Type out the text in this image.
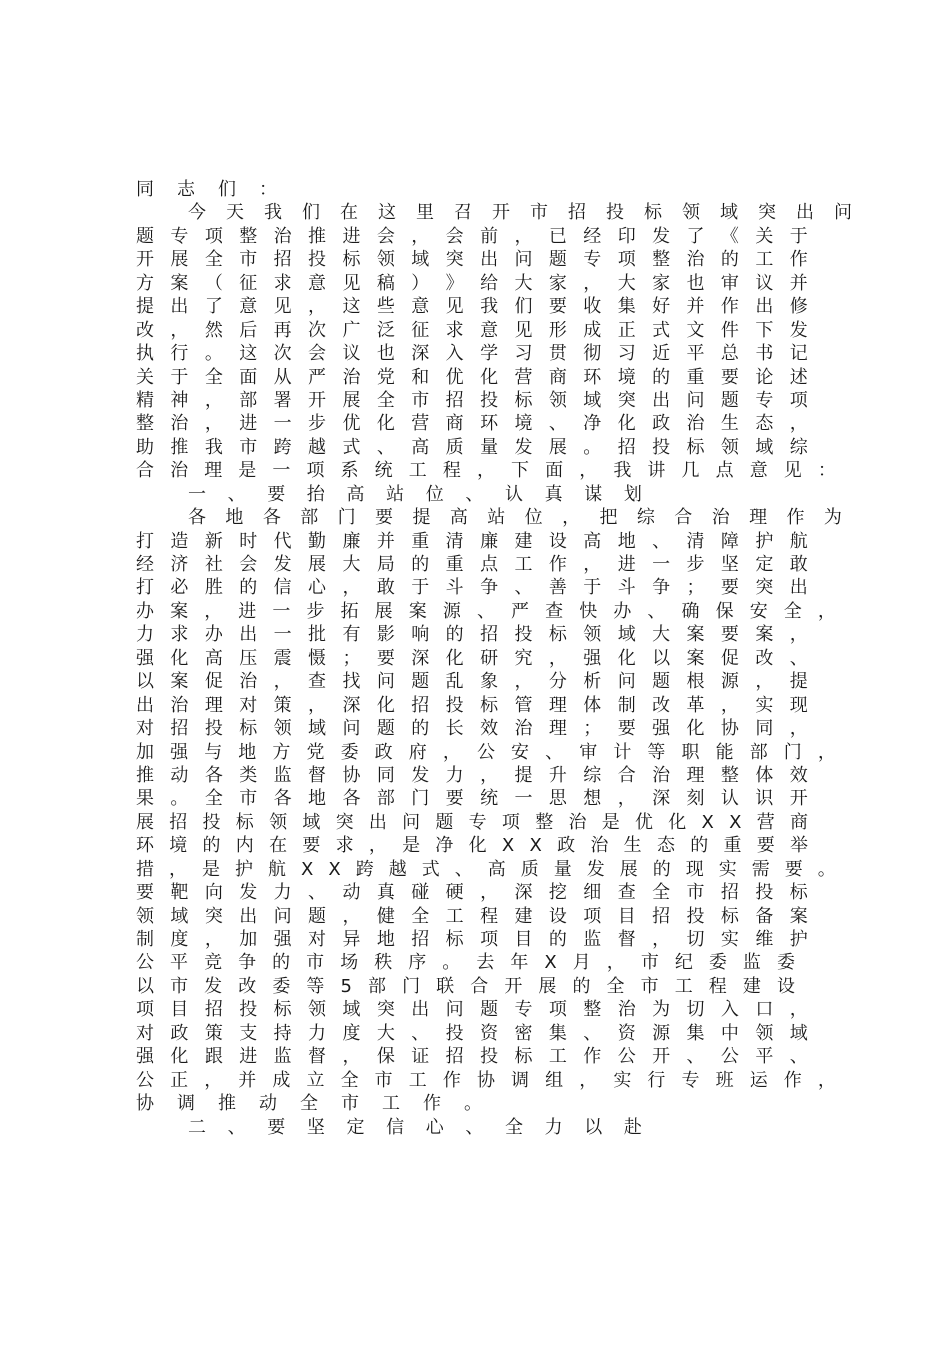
同 志 们 ：
今 天 我 们 在 这 里 召 开 市 招 投 标 领 域 突 出 问
题 专 项 整 治 推 进 会 ， 会 前 ， 已 经 印 发 了 《 关 于
开 展 全 市 招 投 标 领 域 突 出 问 题 专 项 整 治 的 工 作
方 案 （ 征 求 意 见 稿 ） 》 给 大 家 ， 大 家 也 审 议 并
提 出 了 意 见 ， 这 些 意 见 我 们 要 收 集 好 并 作 出 修
改 ， 然 后 再 次 广 泛 征 求 意 见 形 成 正 式 文 件 下 发
执 行 。 这 次 会 议 也 深 入 学 习 贯 彻 习 近 平 总 书 记
关 于 全 面 从 严 治 党 和 优 化 营 商 环 境 的 重 要 论 述
精 神 ， 部 署 开 展 全 市 招 投 标 领 域 突 出 问 题 专 项
整 治 ， 进 一 步 优 化 营 商 环 境 、 净 化 政 治 生 态 ，
助 推 我 市 跨 越 式 、 高 质 量 发 展 。 招 投 标 领 域 综
合 治 理 是 一 项 系 统 工 程 ， 下 面 ， 我 讲 几 点 意 见 ：
一 、 要 抬 高 站 位 、 认 真 谋 划
各 地 各 部 门 要 提 高 站 位 ， 把 综 合 治 理 作 为
打 造 新 时 代 勤 廉 并 重 清 廉 建 设 高 地 、 清 障 护 航
经 济 社 会 发 展 大 局 的 重 点 工 作 ， 进 一 步 坚 定 敢
打 必 胜 的 信 心 ， 敢 于 斗 争 、 善 于 斗 争 ； 要 突 出
办 案 ， 进 一 步 拓 展 案 源 、 严 查 快 办 、 确 保 安 全 ，
力 求 办 出 一 批 有 影 响 的 招 投 标 领 域 大 案 要 案 ，
强 化 高 压 震 慑 ； 要 深 化 研 究 ， 强 化 以 案 促 改 、
以 案 促 治 ， 查 找 问 题 乱 象 ， 分 析 问 题 根 源 ， 提
出 治 理 对 策 ， 深 化 招 投 标 管 理 体 制 改 革 ， 实 现
对 招 投 标 领 域 问 题 的 长 效 治 理 ； 要 强 化 协 同 ，
加 强 与 地 方 党 委 政 府 ， 公 安 、 审 计 等 职 能 部 门 ，
推 动 各 类 监 督 协 同 发 力 ， 提 升 综 合 治 理 整 体 效
果 。 全 市 各 地 各 部 门 要 统 一 思 想 ， 深 刻 认 识 开
展 招 投 标 领 域 突 出 问 题 专 项 整 治 是 优 化 X X 营 商
环 境 的 内 在 要 求 ， 是 净 化 X X 政 治 生 态 的 重 要 举
措 ， 是 护 航 X X 跨 越 式 、 高 质 量 发 展 的 现 实 需 要 。
要 靶 向 发 力 、 动 真 碰 硬 ， 深 挖 细 查 全 市 招 投 标
领 域 突 出 问 题 ， 健 全 工 程 建 设 项 目 招 投 标 备 案
制 度 ， 加 强 对 异 地 招 标 项 目 的 监 督 ， 切 实 维 护
公 平 竞 争 的 市 场 秩 序 。 去 年 X 月 ， 市 纪 委 监 委
以 市 发 改 委 等 5 部 门 联 合 开 展 的 全 市 工 程 建 设
项 目 招 投 标 领 域 突 出 问 题 专 项 整 治 为 切 入 口 ，
对 政 策 支 持 力 度 大 、 投 资 密 集 、 资 源 集 中 领 域
强 化 跟 进 监 督 ， 保 证 招 投 标 工 作 公 开 、 公 平 、
公 正 ， 并 成 立 全 市 工 作 协 调 组 ， 实 行 专 班 运 作 ，
协 调 推 动 全 市 工 作 。
二 、 要 坚 定 信 心 、 全 力 以 赴
